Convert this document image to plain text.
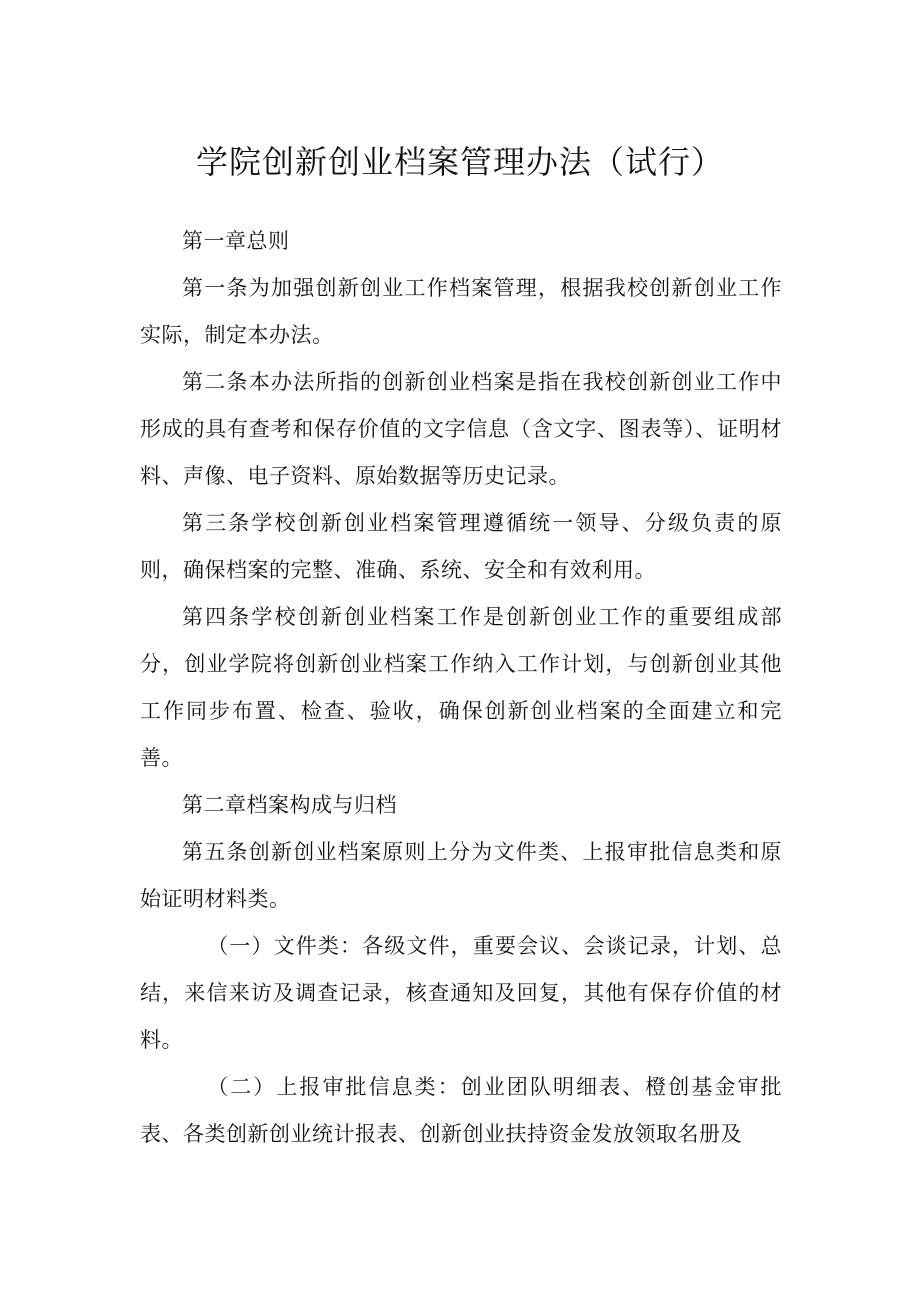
学院创新创业档案管理办法（试行）

第一章总则

第一条为加强创新创业工作档案管理，根据我校创新创业工作实际，制定本办法。

第二条本办法所指的创新创业档案是指在我校创新创业工作中形成的具有查考和保存价值的文字信息（含文字、图表等）、证明材料、声像、电子资料、原始数据等历史记录。

第三条学校创新创业档案管理遵循统一领导、分级负责的原则，确保档案的完整、准确、系统、安全和有效利用。

第四条学校创新创业档案工作是创新创业工作的重要组成部分，创业学院将创新创业档案工作纳入工作计划，与创新创业其他工作同步布置、检查、验收，确保创新创业档案的全面建立和完善。

第二章档案构成与归档

第五条创新创业档案原则上分为文件类、上报审批信息类和原始证明材料类。

（一）文件类：各级文件，重要会议、会谈记录，计划、总结，来信来访及调查记录，核查通知及回复，其他有保存价值的材料。

（二）上报审批信息类：创业团队明细表、橙创基金审批表、各类创新创业统计报表、创新创业扶持资金发放领取名册及
